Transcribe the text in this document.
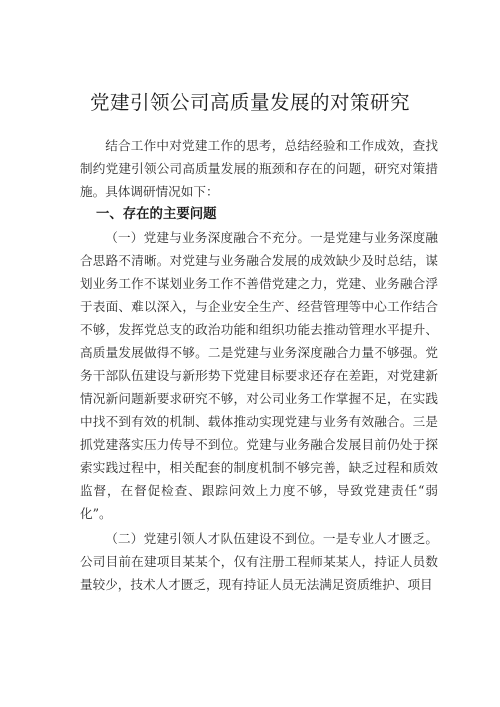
党建引领公司高质量发展的对策研究

结合工作中对党建工作的思考，总结经验和工作成效，查找制约党建引领公司高质量发展的瓶颈和存在的问题，研究对策措施。具体调研情况如下：

一、存在的主要问题

（一）党建与业务深度融合不充分。一是党建与业务深度融合思路不清晰。对党建与业务融合发展的成效缺少及时总结，谋划业务工作不谋划业务工作不善借党建之力，党建、业务融合浮于表面、难以深入，与企业安全生产、经营管理等中心工作结合不够，发挥党总支的政治功能和组织功能去推动管理水平提升、高质量发展做得不够。二是党建与业务深度融合力量不够强。党务干部队伍建设与新形势下党建目标要求还存在差距，对党建新情况新问题新要求研究不够，对公司业务工作掌握不足，在实践中找不到有效的机制、载体推动实现党建与业务有效融合。三是抓党建落实压力传导不到位。党建与业务融合发展目前仍处于探索实践过程中，相关配套的制度机制不够完善，缺乏过程和质效监督，在督促检查、跟踪问效上力度不够，导致党建责任“弱化”。

（二）党建引领人才队伍建设不到位。一是专业人才匮乏。公司目前在建项目某某个，仅有注册工程师某某人，持证人员数量较少，技术人才匮乏，现有持证人员无法满足资质维护、项目
